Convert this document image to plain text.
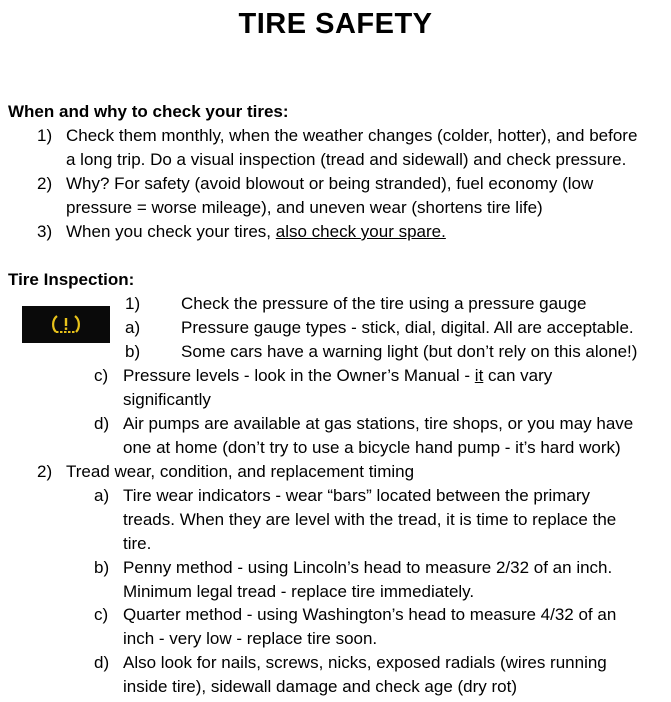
TIRE SAFETY
When and why to check your tires:
1) Check them monthly, when the weather changes (colder, hotter), and before
a long trip. Do a visual inspection (tread and sidewall) and check pressure.
2) Why? For safety (avoid blowout or being stranded), fuel economy (low
pressure = worse mileage), and uneven wear (shortens tire life)
3) When you check your tires, also check your spare.
Tire Inspection:
1) Check the pressure of the tire using a pressure gauge
a) Pressure gauge types - stick, dial, digital. All are acceptable.
b) Some cars have a warning light (but don’t rely on this alone!)
c) Pressure levels - look in the Owner’s Manual - it can vary
significantly
d) Air pumps are available at gas stations, tire shops, or you may have
one at home (don’t try to use a bicycle hand pump - it’s hard work)
2) Tread wear, condition, and replacement timing
a) Tire wear indicators - wear “bars” located between the primary
treads. When they are level with the tread, it is time to replace the
tire.
b) Penny method - using Lincoln’s head to measure 2/32 of an inch.
Minimum legal tread - replace tire immediately.
c) Quarter method - using Washington’s head to measure 4/32 of an
inch - very low - replace tire soon.
d) Also look for nails, screws, nicks, exposed radials (wires running
inside tire), sidewall damage and check age (dry rot)
